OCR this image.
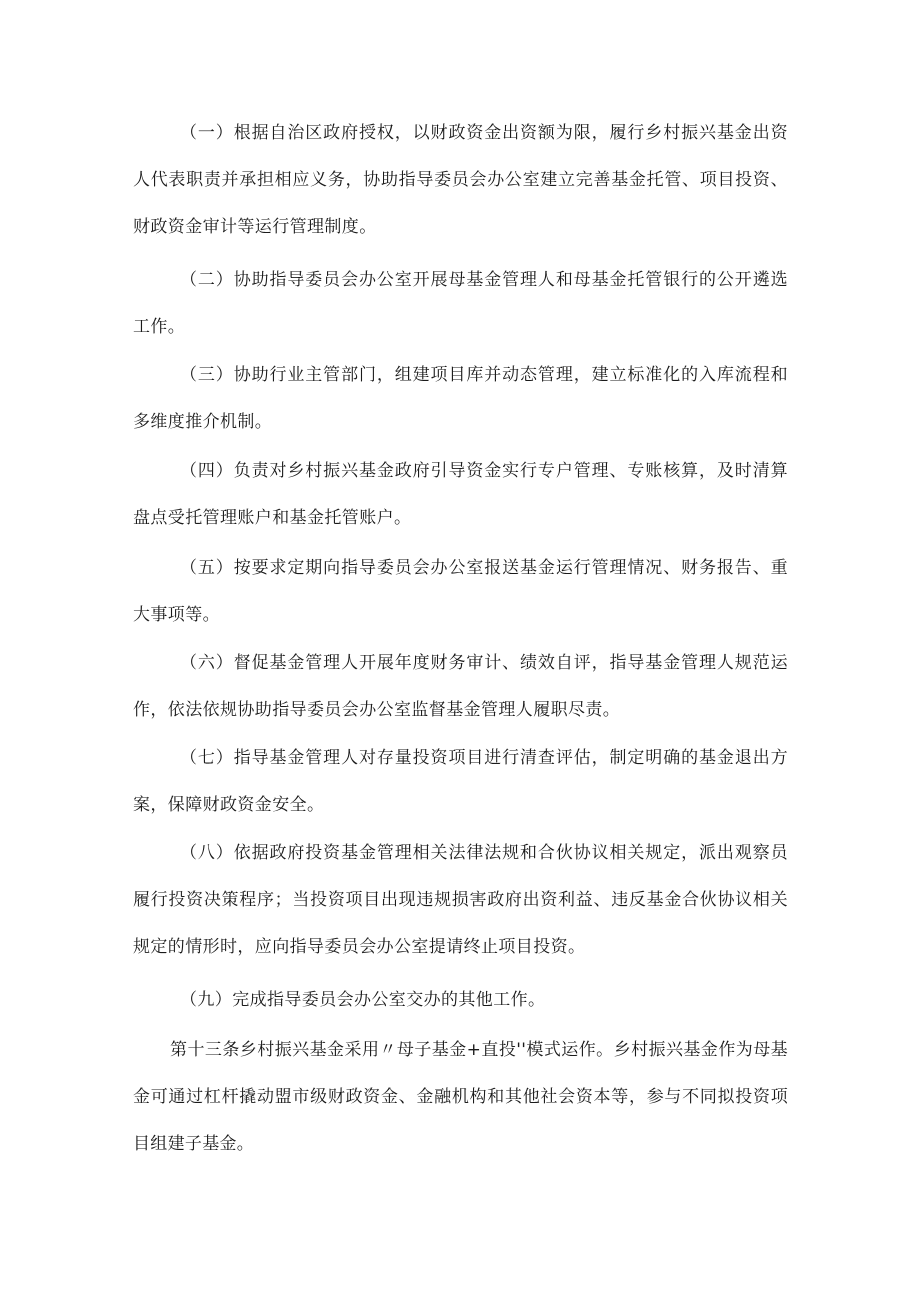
（一）根据自治区政府授权，以财政资金出资额为限，履行乡村振兴基金出资人代表职责并承担相应义务，协助指导委员会办公室建立完善基金托管、项目投资、财政资金审计等运行管理制度。

（二）协助指导委员会办公室开展母基金管理人和母基金托管银行的公开遴选工作。

（三）协助行业主管部门，组建项目库并动态管理，建立标准化的入库流程和多维度推介机制。

（四）负责对乡村振兴基金政府引导资金实行专户管理、专账核算，及时清算盘点受托管理账户和基金托管账户。

（五）按要求定期向指导委员会办公室报送基金运行管理情况、财务报告、重大事项等。

（六）督促基金管理人开展年度财务审计、绩效自评，指导基金管理人规范运作，依法依规协助指导委员会办公室监督基金管理人履职尽责。

（七）指导基金管理人对存量投资项目进行清查评估，制定明确的基金退出方案，保障财政资金安全。

（八）依据政府投资基金管理相关法律法规和合伙协议相关规定，派出观察员履行投资决策程序；当投资项目出现违规损害政府出资利益、违反基金合伙协议相关规定的情形时，应向指导委员会办公室提请终止项目投资。

（九）完成指导委员会办公室交办的其他工作。

第十三条乡村振兴基金采用〃母子基金+直投''模式运作。乡村振兴基金作为母基金可通过杠杆撬动盟市级财政资金、金融机构和其他社会资本等，参与不同拟投资项目组建子基金。
